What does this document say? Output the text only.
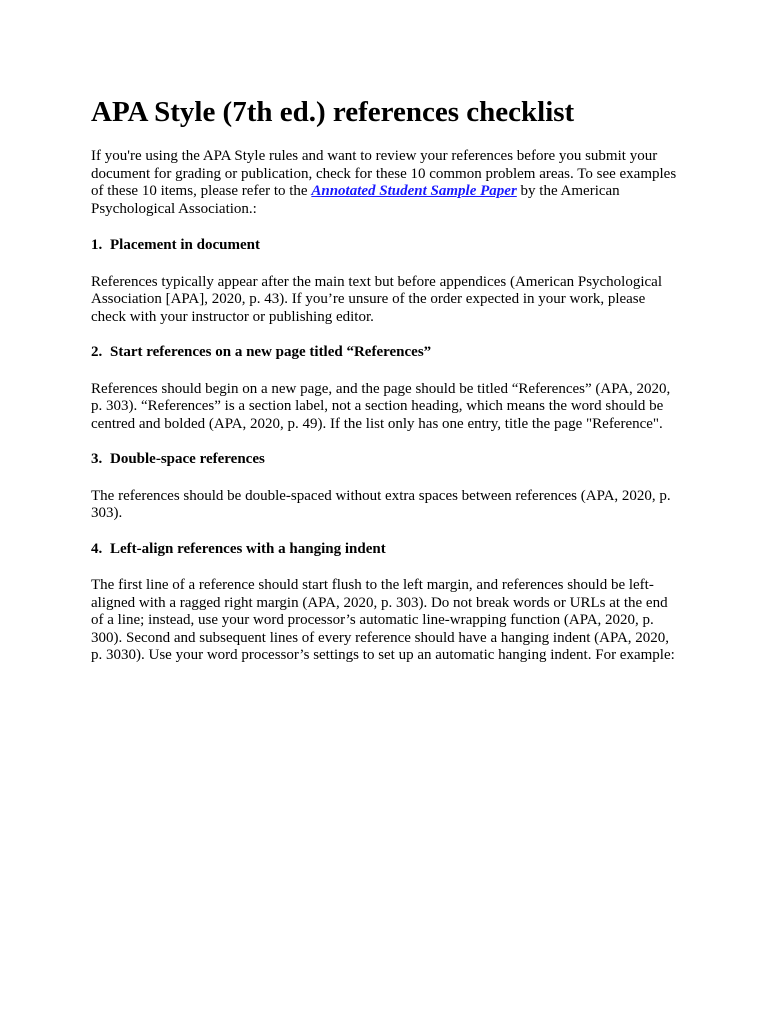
APA Style (7th ed.) references checklist

If you're using the APA Style rules and want to review your references before you submit your document for grading or publication, check for these 10 common problem areas. To see examples of these 10 items, please refer to the Annotated Student Sample Paper by the American Psychological Association.:

1. Placement in document

References typically appear after the main text but before appendices (American Psychological Association [APA], 2020, p. 43). If you’re unsure of the order expected in your work, please check with your instructor or publishing editor.

2. Start references on a new page titled “References”

References should begin on a new page, and the page should be titled “References” (APA, 2020, p. 303). “References” is a section label, not a section heading, which means the word should be centred and bolded (APA, 2020, p. 49). If the list only has one entry, title the page "Reference".

3. Double-space references

The references should be double-spaced without extra spaces between references (APA, 2020, p. 303).

4. Left-align references with a hanging indent

The first line of a reference should start flush to the left margin, and references should be left-aligned with a ragged right margin (APA, 2020, p. 303). Do not break words or URLs at the end of a line; instead, use your word processor’s automatic line-wrapping function (APA, 2020, p. 300). Second and subsequent lines of every reference should have a hanging indent (APA, 2020, p. 3030). Use your word processor’s settings to set up an automatic hanging indent. For example:
